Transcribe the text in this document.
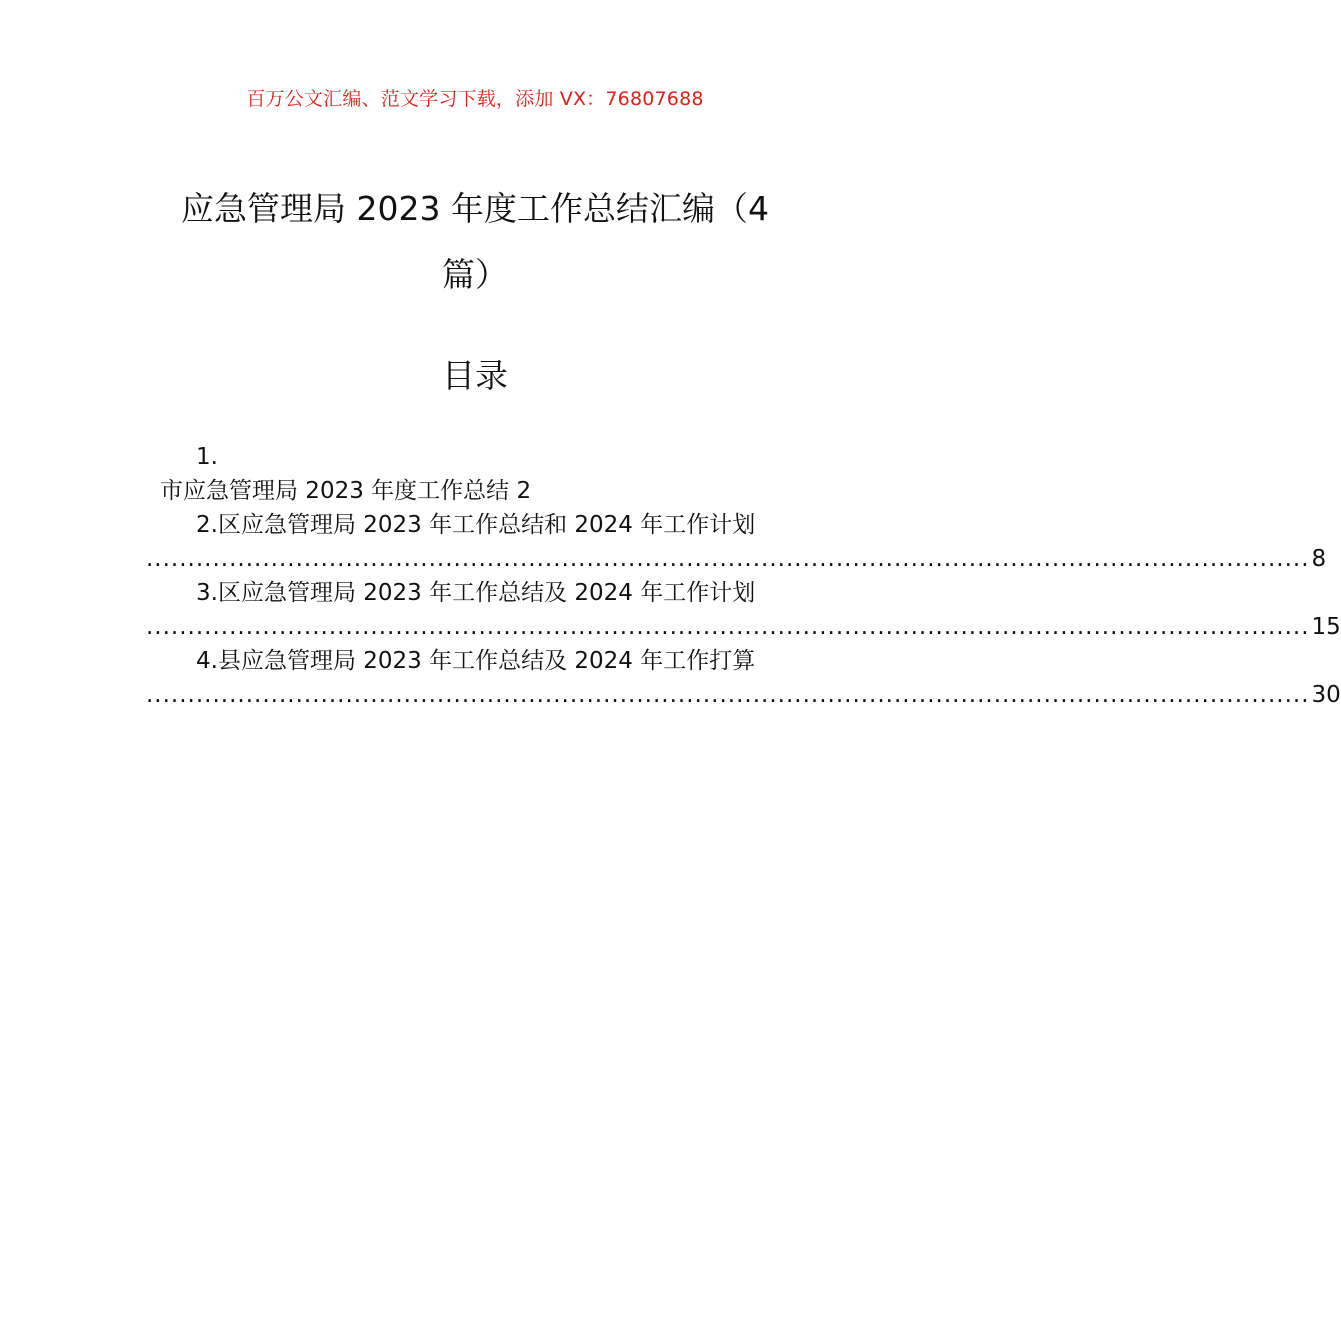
百万公文汇编、范文学习下载，添加 VX：76807688
应急管理局 2023 年度工作总结汇编（4
篇）
目录
1.
市应急管理局 2023 年度工作总结 2
2.区应急管理局 2023 年工作总结和 2024 年工作计划
............................................................................................................................................ 8
3.区应急管理局 2023 年工作总结及 2024 年工作计划
............................................................................................................................................ 15
4.县应急管理局 2023 年工作总结及 2024 年工作打算
............................................................................................................................................ 30
